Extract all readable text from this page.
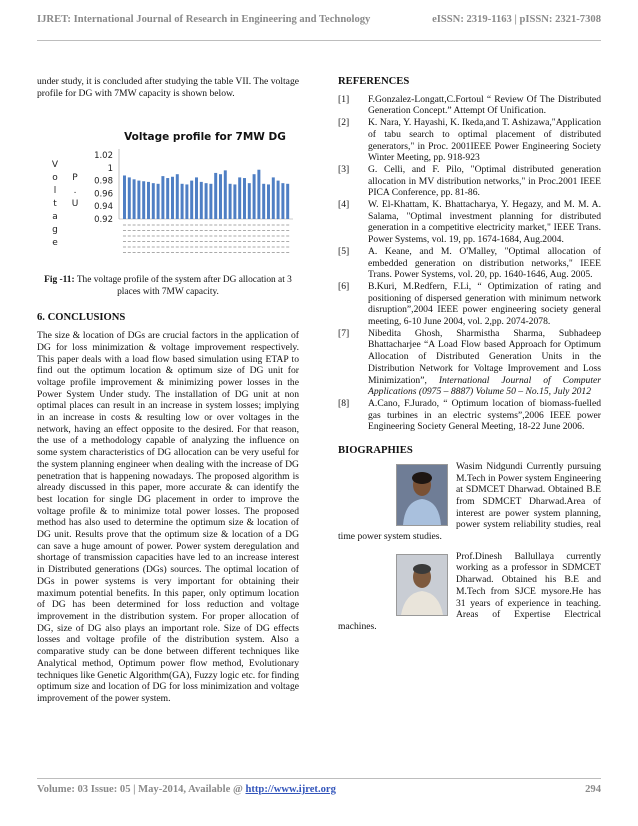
IJRET: International Journal of Research in Engineering and Technology	eISSN: 2319-1163 | pISSN: 2321-7308

under study, it is concluded after studying the table VII. The voltage profile for DG with 7MW capacity is shown below.

1.02
1
0.98
0.96
0.94
0.92
V
o
l
t
a
g
e
P
.
U
Voltage profile for 7MW DG

Fig -11: The voltage profile of the system after DG allocation at 3 places with 7MW capacity.

6. CONCLUSIONS

The size & location of DGs are crucial factors in the application of DG for loss minimization & voltage improvement respectively. This paper deals with a load flow based simulation using ETAP to find out the optimum location & optimum size of DG unit for voltage profile improvement & minimizing power losses in the Power System Under study. The installation of DG unit at non optimal places can result in an increase in system losses; implying in an increase in costs & resulting low or over voltages in the network, having an effect opposite to the desired. For that reason, the use of a methodology capable of analyzing the influence on some system characteristics of DG allocation can be very useful for the system planning engineer when dealing with the increase of DG penetration that is happening nowadays. The proposed algorithm is already discussed in this paper, more accurate & can identify the best location for single DG placement in order to improve the voltage profile & to minimize total power losses. The proposed method has also used to determine the optimum size & location of DG unit. Results prove that the optimum size & location of a DG can save a huge amount of power. Power system deregulation and shortage of transmission capacities have led to an increase interest in Distributed generations (DGs) sources. The optimal location of DGs in power systems is very important for obtaining their maximum potential benefits. In this paper, only optimum location of DG has been determined for loss reduction and voltage improvement in the distribution system. For proper allocation of DG, size of DG also plays an important role. Size of DG effects losses and voltage profile of the distribution system. Also a comparative study can be done between different techniques like Analytical method, Optimum power flow method, Evolutionary techniques like Genetic Algorithm(GA), Fuzzy logic etc. for finding optimum size and location of DG for loss minimization and voltage improvement of the power system.

REFERENCES

[1] F.Gonzalez-Longatt,C.Fortoul “ Review Of The Distributed Generation Concept.” Attempt Of Unification.
[2] K. Nara, Y. Hayashi, K. Ikeda,and T. Ashizawa,"Application of tabu search to optimal placement of distributed generators," in Proc. 2001IEEE Power Engineering Society Winter Meeting, pp. 918-923
[3] G. Celli, and F. Pilo, "Optimal distributed generation allocation in MV distribution networks," in Proc.2001 IEEE PICA Conference, pp. 81-86.
[4] W. El-Khattam, K. Bhattacharya, Y. Hegazy, and M. M. A. Salama, "Optimal investment planning for distributed generation in a competitive electricity market," IEEE Trans. Power Systems, vol. 19, pp. 1674-1684, Aug.2004.
[5] A. Keane, and M. O'Malley, "Optimal allocation of embedded generation on distribution networks," IEEE Trans. Power Systems, vol. 20, pp. 1640-1646, Aug. 2005.
[6] B.Kuri, M.Redfern, F.Li, “ Optimization of rating and positioning of dispersed generation with minimum network disruption”,2004 IEEE power engineering society general meeting, 6-10 June 2004, vol. 2,pp. 2074-2078.
[7] Nibedita Ghosh, Sharmistha Sharma, Subhadeep Bhattacharjee “A Load Flow based Approach for Optimum Allocation of Distributed Generation Units in the Distribution Network for Voltage Improvement and Loss Minimization”, International Journal of Computer Applications (0975 – 8887) Volume 50 – No.15, July 2012
[8] A.Cano, F.Jurado, “ Optimum location of biomass-fuelled gas turbines in an electric systems”,2006 IEEE power Engineering Society General Meeting, 18-22 June 2006.

BIOGRAPHIES

Wasim Nidgundi Currently pursuing M.Tech in Power system Engineering at SDMCET Dharwad. Obtained B.E from SDMCET Dharwad.Area of interest are power system planning, power system reliability studies, real time power system studies.

Prof.Dinesh Ballullaya currently working as a professor in SDMCET Dharwad. Obtained his B.E and M.Tech from SJCE mysore.He has 31 years of experience in teaching. Areas of Expertise Electrical machines.

Volume: 03 Issue: 05 | May-2014, Available @ http://www.ijret.org	294
